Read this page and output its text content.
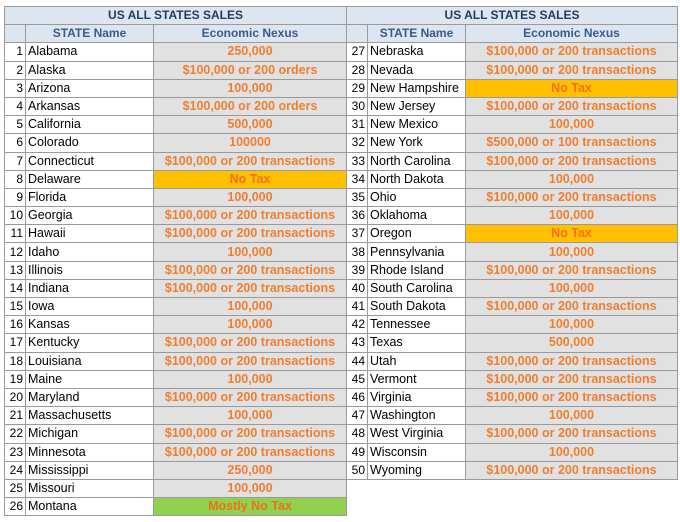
US ALL STATES SALES		
	STATE Name	Economic Nexus
1	Alabama	250,000
2	Alaska	$100,000 or 200 orders
3	Arizona	100,000
4	Arkansas	$100,000 or 200 orders
5	California	500,000
6	Colorado	100000
7	Connecticut	$100,000 or 200 transactions
8	Delaware	No Tax
9	Florida	100,000
10	Georgia	$100,000 or 200 transactions
11	Hawaii	$100,000 or 200 transactions
12	Idaho	100,000
13	Illinois	$100,000 or 200 transactions
14	Indiana	$100,000 or 200 transactions
15	Iowa	100,000
16	Kansas	100,000
17	Kentucky	$100,000 or 200 transactions
18	Louisiana	$100,000 or 200 transactions
19	Maine	100,000
20	Maryland	$100,000 or 200 transactions
21	Massachusetts	100,000
22	Michigan	$100,000 or 200 transactions
23	Minnesota	$100,000 or 200 transactions
24	Mississippi	250,000
25	Missouri	100,000
26	Montana	Mostly No Tax
US ALL STATES SALES		
	STATE Name	Economic Nexus
27	Nebraska	$100,000 or 200 transactions
28	Nevada	$100,000 or 200 transactions
29	New Hampshire	No Tax
30	New Jersey	$100,000 or 200 transactions
31	New Mexico	100,000
32	New York	$500,000 or 100 transactions
33	North Carolina	$100,000 or 200 transactions
34	North Dakota	100,000
35	Ohio	$100,000 or 200 transactions
36	Oklahoma	100,000
37	Oregon	No Tax
38	Pennsylvania	100,000
39	Rhode Island	$100,000 or 200 transactions
40	South Carolina	100,000
41	South Dakota	$100,000 or 200 transactions
42	Tennessee	100,000
43	Texas	500,000
44	Utah	$100,000 or 200 transactions
45	Vermont	$100,000 or 200 transactions
46	Virginia	$100,000 or 200 transactions
47	Washington	100,000
48	West Virginia	$100,000 or 200 transactions
49	Wisconsin	100,000
50	Wyoming	$100,000 or 200 transactions
